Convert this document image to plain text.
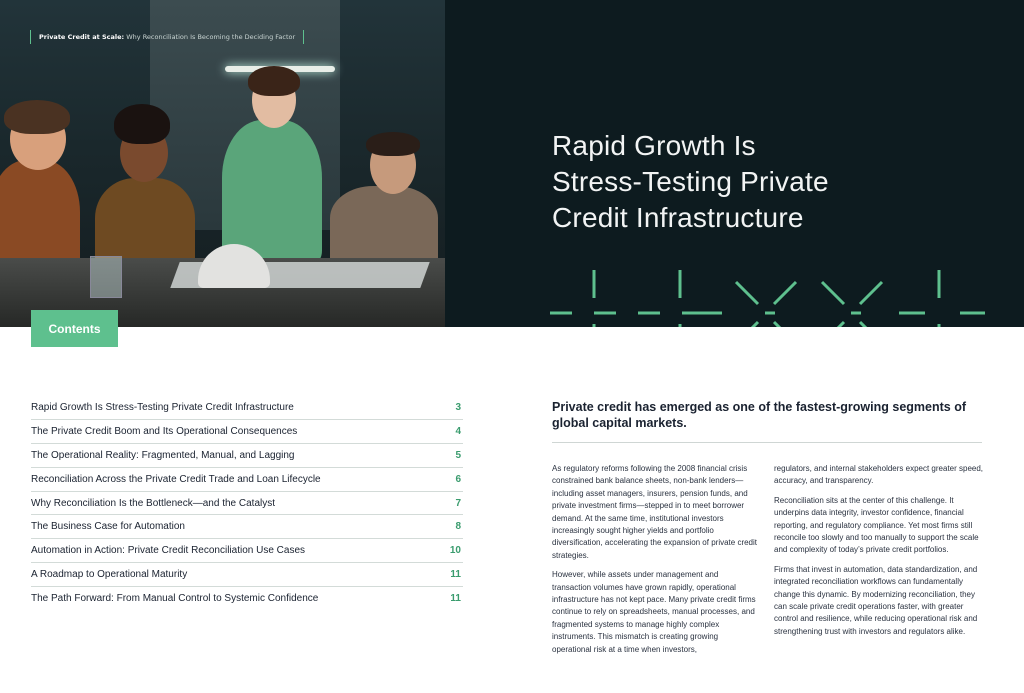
Private Credit at Scale: Why Reconciliation Is Becoming the Deciding Factor
Rapid Growth Is
Stress-Testing Private
Credit Infrastructure
Contents
Rapid Growth Is Stress-Testing Private Credit Infrastructure	3
The Private Credit Boom and Its Operational Consequences	4
The Operational Reality: Fragmented, Manual, and Lagging	5
Reconciliation Across the Private Credit Trade and Loan Lifecycle	6
Why Reconciliation Is the Bottleneck—and the Catalyst	7
The Business Case for Automation	8
Automation in Action: Private Credit Reconciliation Use Cases	10
A Roadmap to Operational Maturity	11
The Path Forward: From Manual Control to Systemic Confidence	11
Private credit has emerged as one of the fastest-growing segments of global capital markets.

As regulatory reforms following the 2008 financial crisis constrained bank balance sheets, non-bank lenders—including asset managers, insurers, pension funds, and private investment firms—stepped in to meet borrower demand. At the same time, institutional investors increasingly sought higher yields and portfolio diversification, accelerating the expansion of private credit strategies.

However, while assets under management and transaction volumes have grown rapidly, operational infrastructure has not kept pace. Many private credit firms continue to rely on spreadsheets, manual processes, and fragmented systems to manage highly complex instruments. This mismatch is creating growing operational risk at a time when investors,

regulators, and internal stakeholders expect greater speed, accuracy, and transparency.

Reconciliation sits at the center of this challenge. It underpins data integrity, investor confidence, financial reporting, and regulatory compliance. Yet most firms still reconcile too slowly and too manually to support the scale and complexity of today’s private credit portfolios.

Firms that invest in automation, data standardization, and integrated reconciliation workflows can fundamentally change this dynamic. By modernizing reconciliation, they can scale private credit operations faster, with greater control and resilience, while reducing operational risk and strengthening trust with investors and regulators alike.
